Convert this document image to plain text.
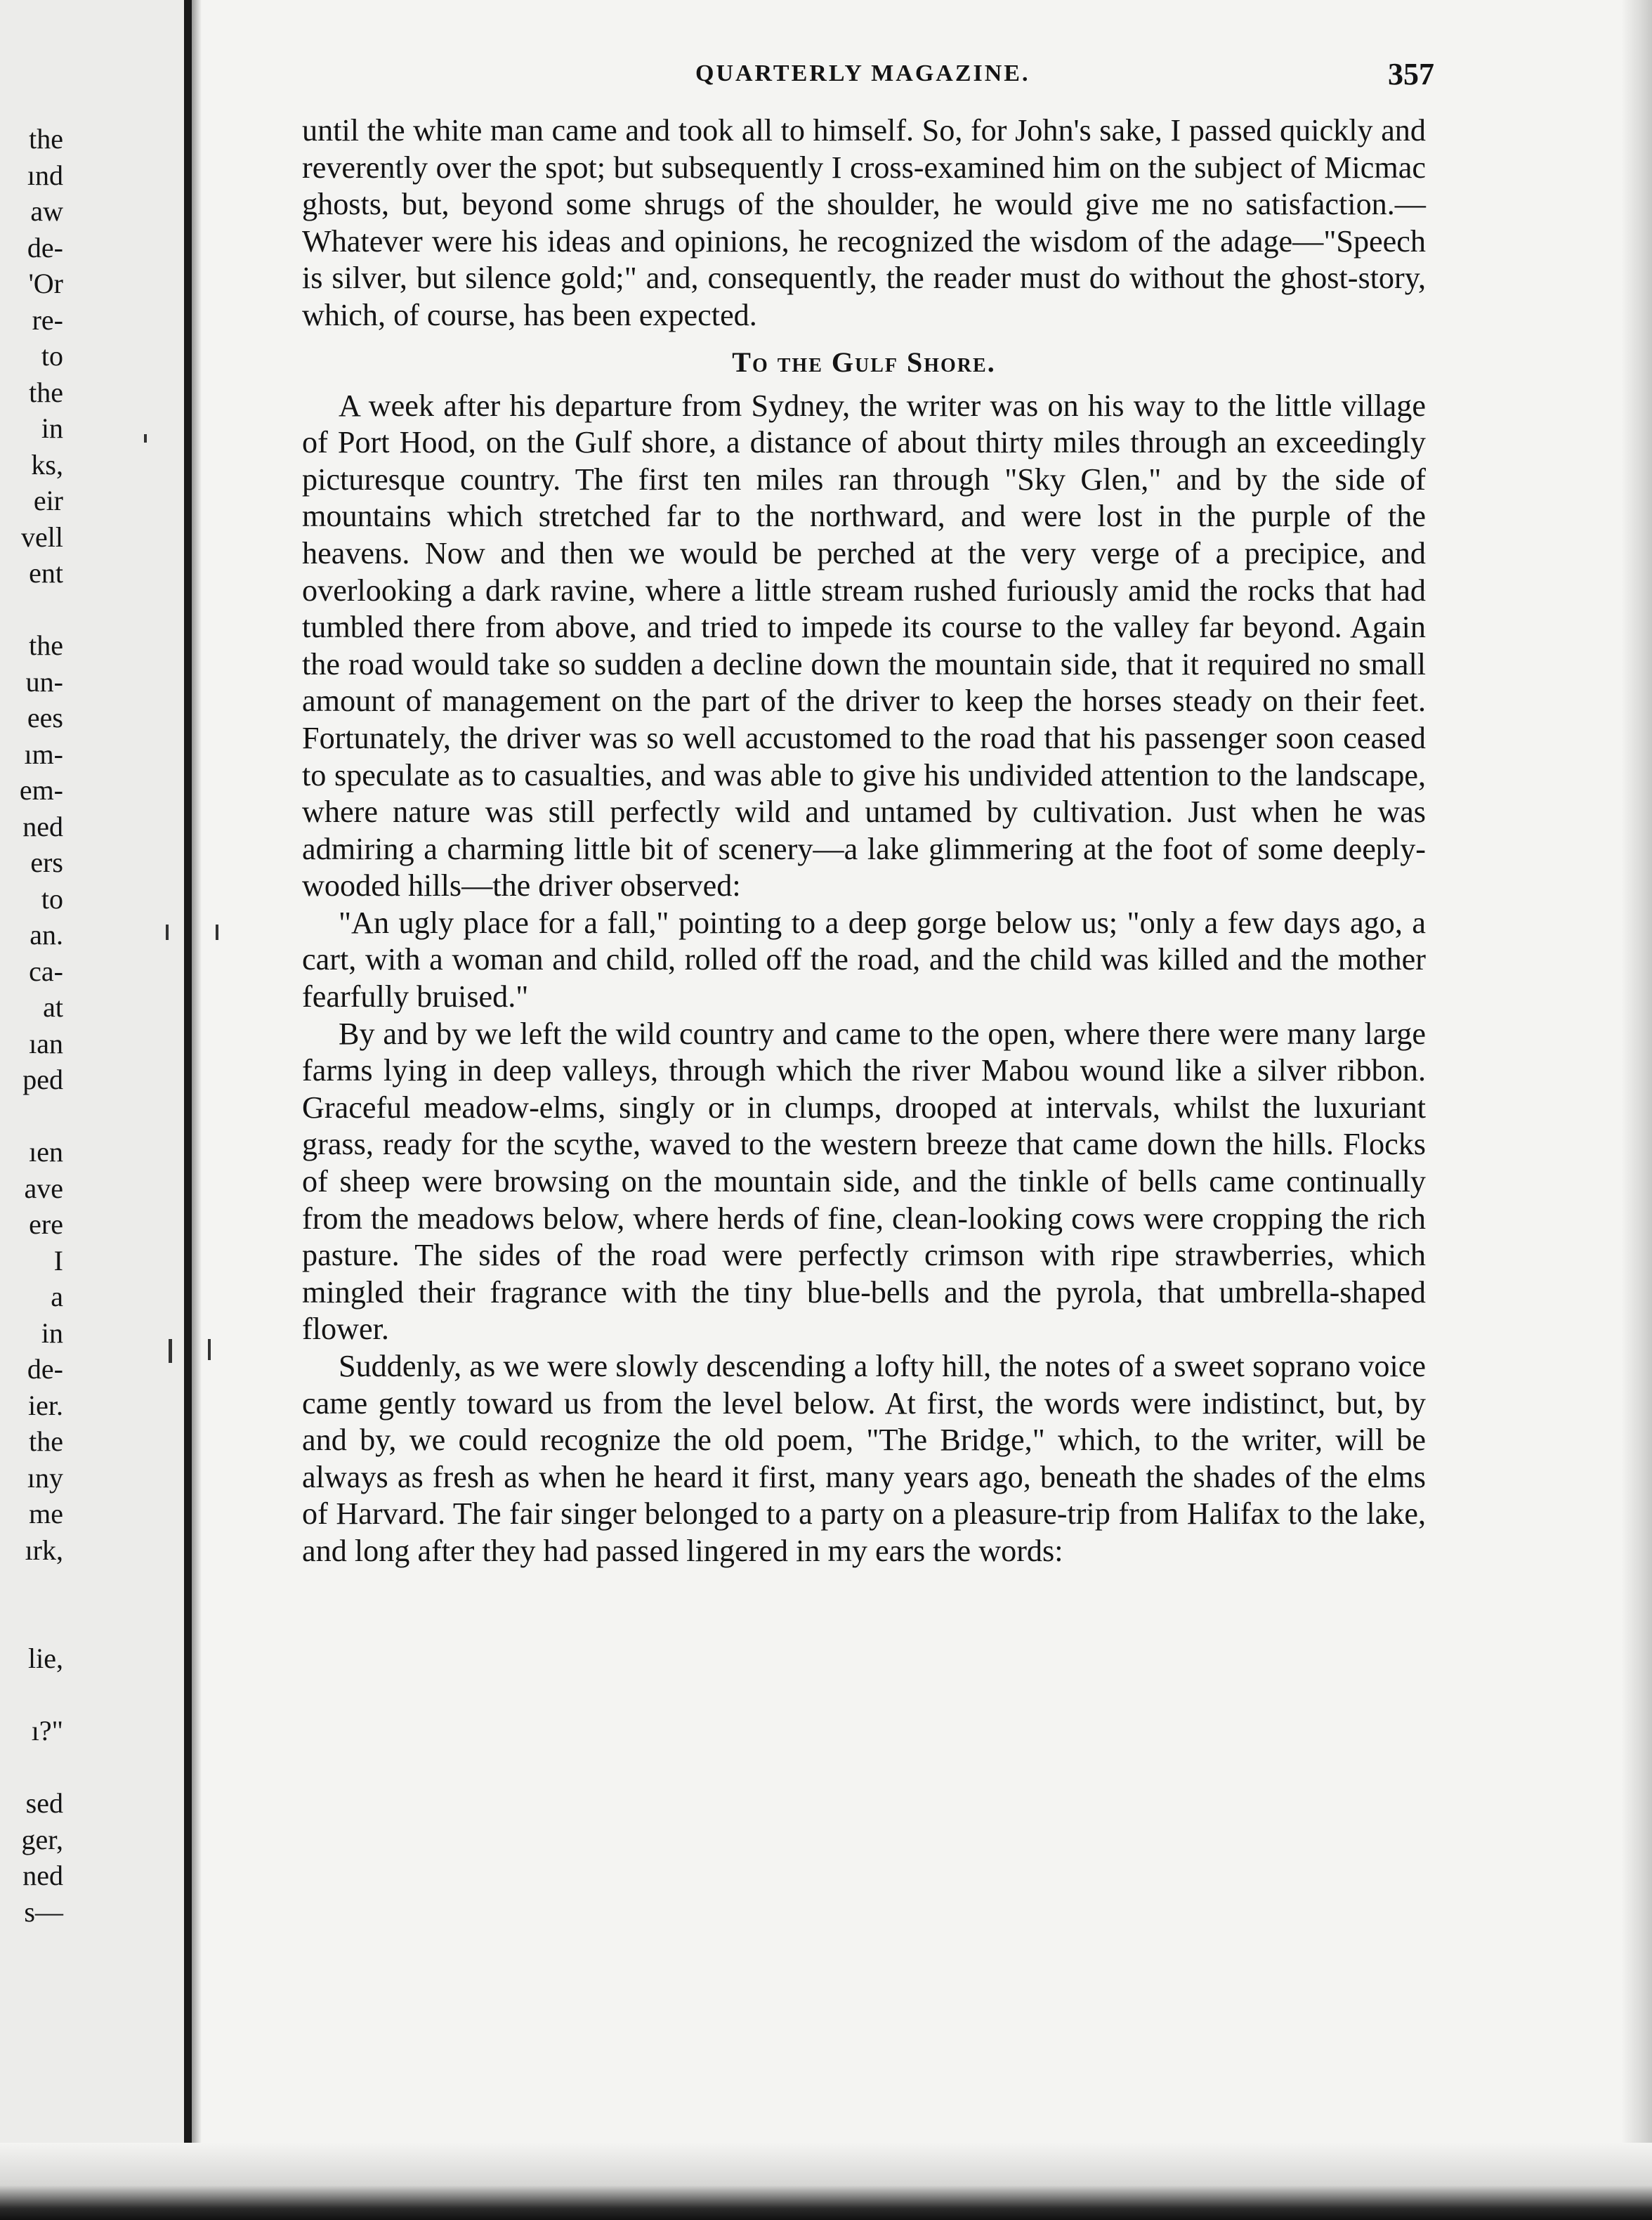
the
ınd
aw
de-
'Or
re-
to
the
in
ks,
eir
vell
ent
the
un-
ees
ım-
em-
ned
ers
to
an.
ca-
at
ıan
ped
ıen
ave
ere
I
a
in
de-
ier.
the
ıny
me
ırk,
lie,
ı?"
sed
ger,
ned
s—
QUARTERLY MAGAZINE.	357

until the white man came and took all to himself. So, for John's sake, I passed quickly and reverently over the spot; but subsequently I cross-examined him on the subject of Micmac ghosts, but, beyond some shrugs of the shoulder, he would give me no satisfaction.—Whatever were his ideas and opinions, he recognized the wisdom of the adage—"Speech is silver, but silence gold;" and, consequently, the reader must do without the ghost-story, which, of course, has been expected.

To the Gulf Shore.

A week after his departure from Sydney, the writer was on his way to the little village of Port Hood, on the Gulf shore, a distance of about thirty miles through an exceedingly picturesque country. The first ten miles ran through "Sky Glen," and by the side of mountains which stretched far to the northward, and were lost in the purple of the heavens. Now and then we would be perched at the very verge of a precipice, and overlooking a dark ravine, where a little stream rushed furiously amid the rocks that had tumbled there from above, and tried to impede its course to the valley far beyond. Again the road would take so sudden a decline down the mountain side, that it required no small amount of management on the part of the driver to keep the horses steady on their feet. Fortunately, the driver was so well accustomed to the road that his passenger soon ceased to speculate as to casualties, and was able to give his undivided attention to the landscape, where nature was still perfectly wild and untamed by cultivation. Just when he was admiring a charming little bit of scenery—a lake glimmering at the foot of some deeply-wooded hills—the driver observed:

"An ugly place for a fall," pointing to a deep gorge below us; "only a few days ago, a cart, with a woman and child, rolled off the road, and the child was killed and the mother fearfully bruised."

By and by we left the wild country and came to the open, where there were many large farms lying in deep valleys, through which the river Mabou wound like a silver ribbon. Graceful meadow-elms, singly or in clumps, drooped at intervals, whilst the luxuriant grass, ready for the scythe, waved to the western breeze that came down the hills. Flocks of sheep were browsing on the mountain side, and the tinkle of bells came continually from the meadows below, where herds of fine, clean-looking cows were cropping the rich pasture. The sides of the road were perfectly crimson with ripe strawberries, which mingled their fragrance with the tiny blue-bells and the pyrola, that umbrella-shaped flower.

Suddenly, as we were slowly descending a lofty hill, the notes of a sweet soprano voice came gently toward us from the level below. At first, the words were indistinct, but, by and by, we could recognize the old poem, "The Bridge," which, to the writer, will be always as fresh as when he heard it first, many years ago, beneath the shades of the elms of Harvard. The fair singer belonged to a party on a pleasure-trip from Halifax to the lake, and long after they had passed lingered in my ears the words:
